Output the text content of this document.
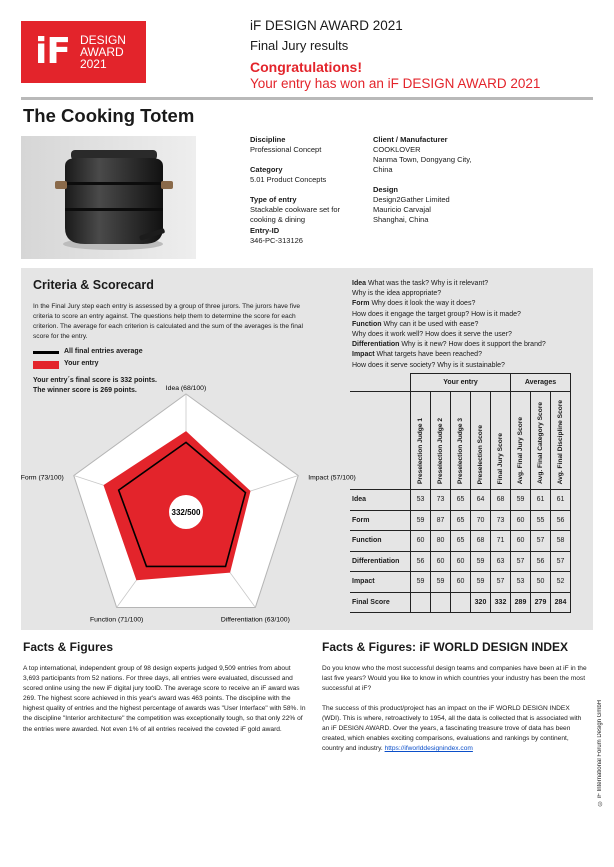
iF DESIGN
AWARD
2021
iF DESIGN AWARD 2021
Final Jury results
Congratulations!
Your entry has won an iF DESIGN AWARD 2021
The Cooking Totem
Discipline
Professional Concept
Category
5.01 Product Concepts
Type of entry
Stackable cookware set for
cooking & dining
Entry-ID
346-PC-313126
Client / Manufacturer
COOKLOVER
Nanma Town, Dongyang City,
China
Design
Design2Gather Limited
Mauricio Carvajal
Shanghai, China
Criteria & Scorecard
In the Final Jury step each entry is assessed by a group of three jurors. The jurors have five criteria to score an entry against. The questions help them to determine the score for each criterion. The average for each criterion is calculated and the sum of the averages is the final score for the entry.
All final entries average
Your entry
Your entry´s final score is 332 points.
The winner score is 269 points.
Idea What was the task? Why is it relevant?
Why is the idea appropriate?
Form Why does it look the way it does?
How does it engage the target group? How is it made?
Function Why can it be used with ease?
Why does it work well? How does it serve the user?
Differentiation Why is it new? How does it support the brand?
Impact What targets have been reached?
How does it serve society? Why is it sustainable?
332/500
Idea (68/100)
Impact (57/100)
Differentiation (63/100)
Function (71/100)
Form (73/100)
	Your entry					Averages		
	Preselection Judge 1	Preselection Judge 2	Preselection Judge 3	Preselection Score	Final Jury Score	Avg. Final Jury Score	Avg. Final Category Score	Avg. Final Discipline Score
Idea	53	73	65	64	68	59	61	61
Form	59	87	65	70	73	60	55	56
Function	60	80	65	68	71	60	57	58
Differentiation	56	60	60	59	63	57	56	57
Impact	59	59	60	59	57	53	50	52
Final Score				320	332	289	279	284
Facts & Figures
A top international, independent group of 98 design experts judged 9,509 entries from about 3,693 participants from 52 nations. For three days, all entries were evaluated, discussed and scored online using the new iF digital jury toolD. The average score to receive an iF award was 269. The highest score achieved in this year's award was 463 points. The discipline with the highest quality of entries and the highest percentage of awards was "User Interface" with 58%. In the discipline "Interior architecture" the competition was exceptionally tough, so that only 22% of the entries were awarded. Not even 1% of all entries received the coveted iF gold award.
Facts & Figures: iF WORLD DESIGN INDEX
Do you know who the most successful design teams and companies have been at iF in the last five years? Would you like to know in which countries your industry has been the most successful at iF?
The success of this product/project has an impact on the iF WORLD DESIGN INDEX (WDI). This is where, retroactively to 1954, all the data is collected that is associated with an iF DESIGN AWARD. Over the years, a fascinating treasure trove of data has been created, which enables exciting comparisons, evaluations and rankings by continent, country and industry. https://ifworlddesignindex.com	© iF International Forum Design GmbH
